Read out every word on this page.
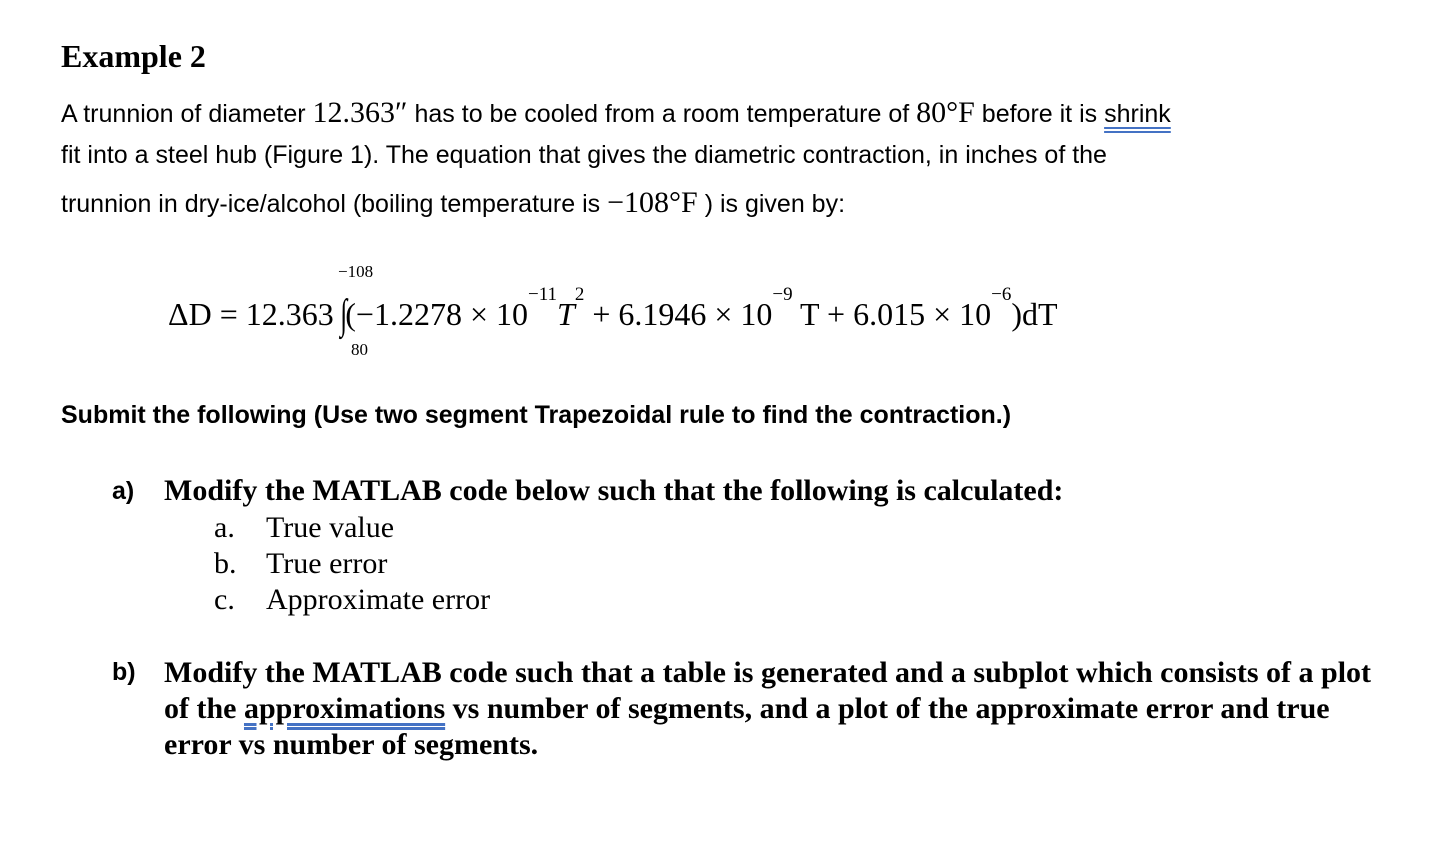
Example 2
A trunnion of diameter 12.363″ has to be cooled from a room temperature of 80°F before it is shrink
fit into a steel hub (Figure 1). The equation that gives the diametric contraction, in inches of the
trunnion in dry-ice/alcohol (boiling temperature is −108°F ) is given by:
−108
ΔD = 12.363 $\int(-1.2278 \times 10^{-11}T^2 + 6.1946 \times 10^{-9}$ $T + 6.015 \times 10^{-6})dT$
80
Submit the following (Use two segment Trapezoidal rule to find the contraction.)
a) Modify the MATLAB code below such that the following is calculated:
a. True value
b. True error
c. Approximate error
b) Modify the MATLAB code such that a table is generated and a subplot which consists of a plot of the approximations vs number of segments, and a plot of the approximate error and true error vs number of segments.
